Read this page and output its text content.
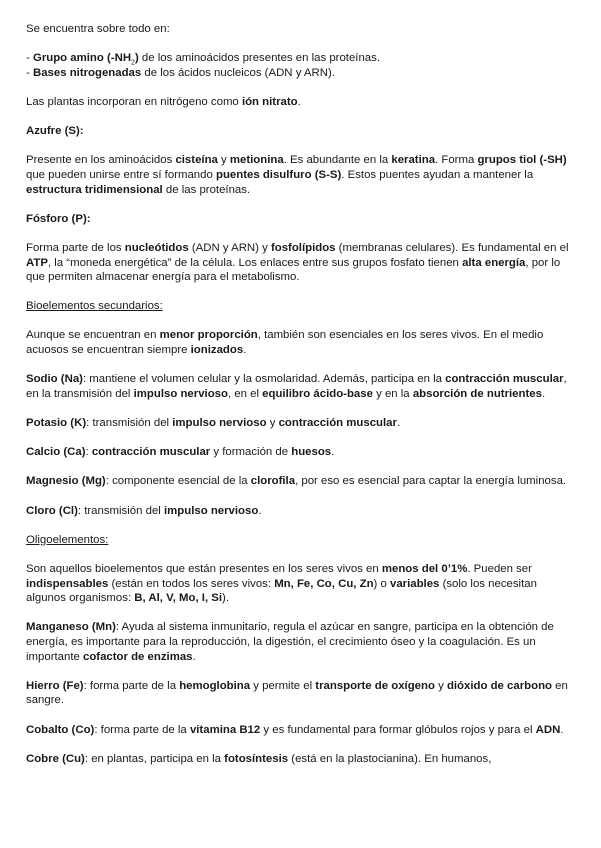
Se encuentra sobre todo en:

- Grupo amino $(-NH_2)$ de los aminoácidos presentes en las proteínas.
- Bases nitrogenadas de los ácidos nucleicos (ADN y ARN).

Las plantas incorporan en nitrógeno como ión nitrato.

Azufre (S):

Presente en los aminoácidos cisteína y metionina. Es abundante en la keratina. Forma grupos tiol (-SH) que pueden unirse entre sí formando puentes disulfuro (S-S). Estos puentes ayudan a mantener la estructura tridimensional de las proteínas.

Fósforo (P):

Forma parte de los nucleótidos (ADN y ARN) y fosfolípidos (membranas celulares). Es fundamental en el ATP, la “moneda energética” de la célula. Los enlaces entre sus grupos fosfato tienen alta energía, por lo que permiten almacenar energía para el metabolismo.

Bioelementos secundarios:

Aunque se encuentran en menor proporción, también son esenciales en los seres vivos. En el medio acuosos se encuentran siempre ionizados.

Sodio (Na): mantiene el volumen celular y la osmolaridad. Además, participa en la contracción muscular, en la transmisión del impulso nervioso, en el equilibro ácido-base y en la absorción de nutrientes.

Potasio (K): transmisión del impulso nervioso y contracción muscular.

Calcio (Ca): contracción muscular y formación de huesos.

Magnesio (Mg): componente esencial de la clorofila, por eso es esencial para captar la energía luminosa.

Cloro (Cl): transmisión del impulso nervioso.

Oligoelementos:

Son aquellos bioelementos que están presentes en los seres vivos en menos del 0’1%. Pueden ser indispensables (están en todos los seres vivos: Mn, Fe, Co, Cu, Zn) o variables (solo los necesitan algunos organismos: B, Al, V, Mo, I, Si).

Manganeso (Mn): Ayuda al sistema inmunitario, regula el azúcar en sangre, participa en la obtención de energía, es importante para la reproducción, la digestión, el crecimiento óseo y la coagulación. Es un importante cofactor de enzimas.

Hierro (Fe): forma parte de la hemoglobina y permite el transporte de oxígeno y dióxido de carbono en sangre.

Cobalto (Co): forma parte de la vitamina B12 y es fundamental para formar glóbulos rojos y para el ADN.

Cobre (Cu): en plantas, participa en la fotosíntesis (está en la plastocianina). En humanos,
